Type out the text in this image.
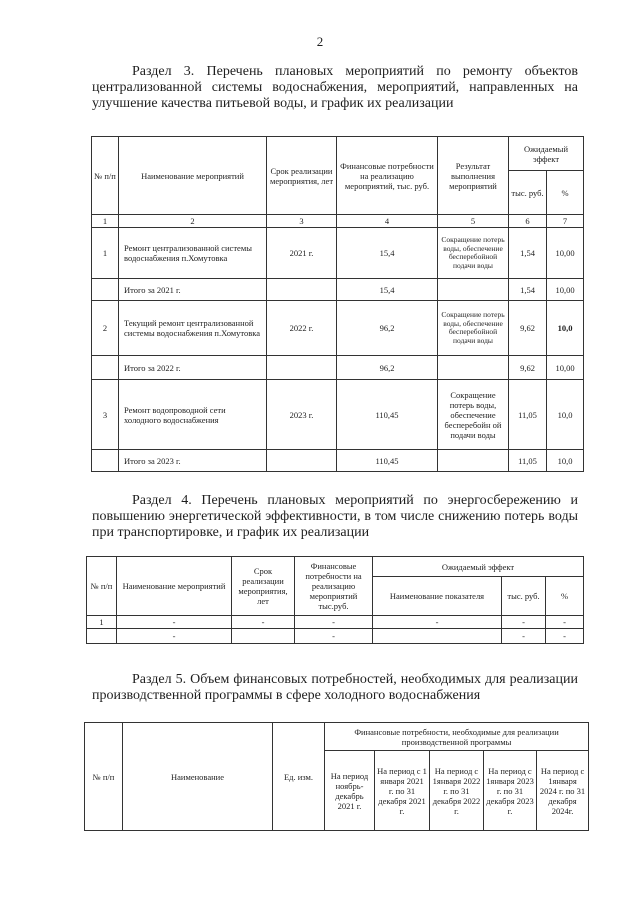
2
Раздел 3. Перечень плановых мероприятий по ремонту объектов централизованной системы водоснабжения, мероприятий, направленных на улучшение качества питьевой воды, и график их реализации
№ п/п	Наименование мероприятий	Срок реализации мероприятия, лет	Финансовые потребности на реализацию мероприятий, тыс. руб.	Результат выполнения мероприятий	Ожидаемый эффект	
					тыс. руб.	%
1	2	3	4	5	6	7
1	Ремонт централизованной системы водоснабжения п.Хомутовка	2021 г.	15,4	Сокращение потерь воды, обеспечение бесперебойной подачи воды	1,54	10,00
	Итого за 2021 г.		15,4		1,54	10,00
2	Текущий ремонт централизованной системы водоснабжения п.Хомутовка	2022 г.	96,2	Сокращение потерь воды, обеспечение бесперебойной подачи воды	9,62	10,0
	Итого за 2022 г.		96,2		9,62	10,00
3	Ремонт водопроводной сети холодного водоснабжения	2023 г.	110,45	Сокращение потерь воды, обеспечение бесперебойн ой подачи воды	11,05	10,0
	Итого за 2023 г.		110,45		11,05	10,0
Раздел 4. Перечень плановых мероприятий по энергосбережению и повышению энергетической эффективности, в том числе снижению потерь воды при транспортировке, и график их реализации
№ п/п	Наименование мероприятий	Срок реализации мероприятия, лет	Финансовые потребности на реализацию мероприятий тыс.руб.	Ожидаемый эффект		
				Наименование показателя	тыс. руб.	%
1	-	-	-	-	-	-
	-		-		-	-
Раздел 5. Объем финансовых потребностей, необходимых для реализации производственной программы в сфере холодного водоснабжения
№ п/п	Наименование	Ед. изм.	Финансовые потребности, необходимые для реализации производственной программы				
			На период ноябрь-декабрь 2021 г.	На период с 1 января 2021 г. по 31 декабря 2021 г.	На период с 1января 2022 г. по 31 декабря 2022 г.	На период с 1января 2023 г. по 31 декабря 2023 г.	На период с 1января 2024 г. по 31 декабря 2024г.
